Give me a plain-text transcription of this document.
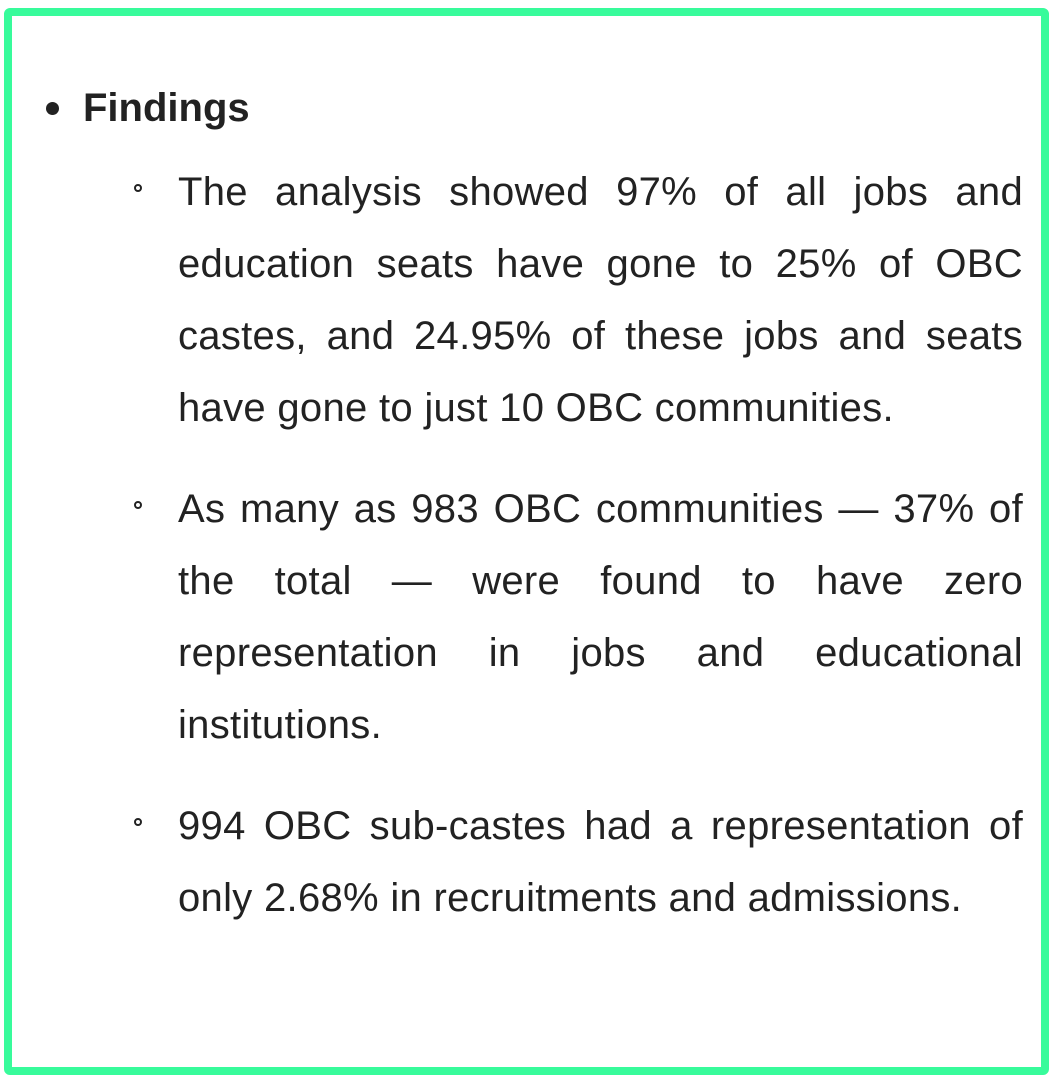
Findings
The analysis showed 97% of all jobs and education seats have gone to 25% of OBC castes, and 24.95% of these jobs and seats have gone to just 10 OBC communities.
As many as 983 OBC communities — 37% of the total — were found to have zero representation in jobs and educational institutions.
994 OBC sub-castes had a representation of only 2.68% in recruitments and admissions.
